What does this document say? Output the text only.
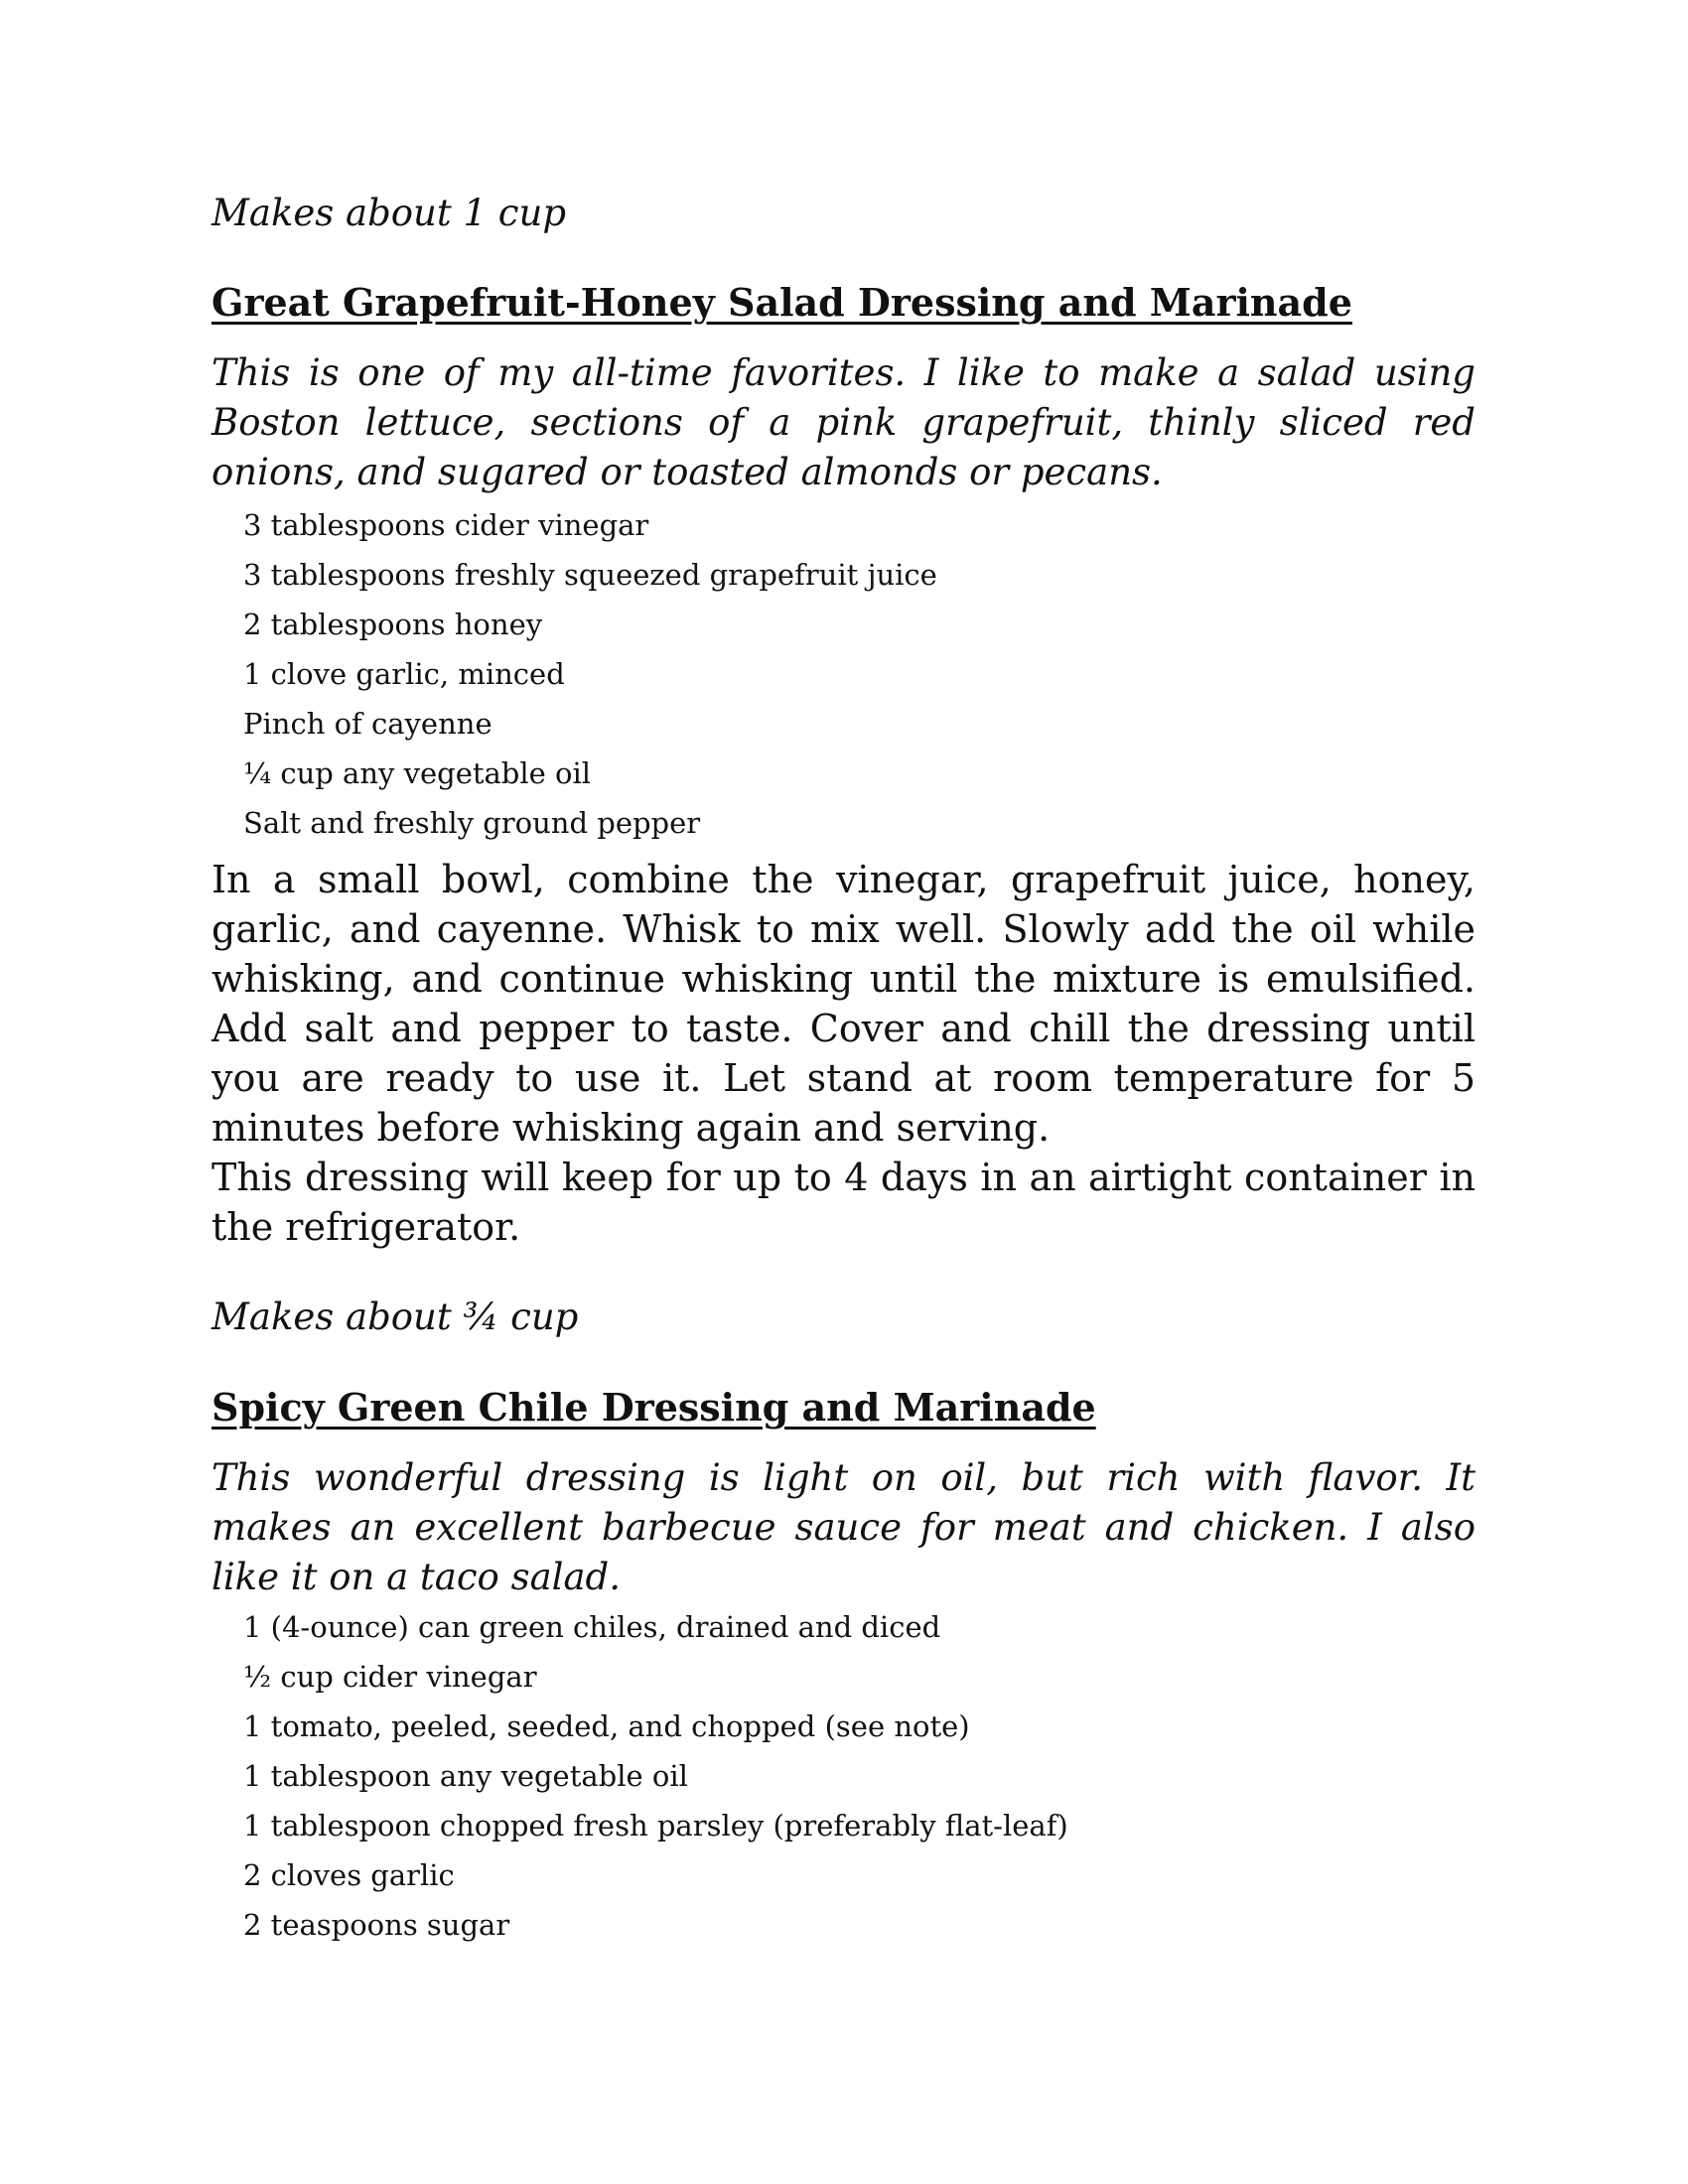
Makes about 1 cup

Great Grapefruit-Honey Salad Dressing and Marinade

This is one of my all-time favorites. I like to make a salad using Boston lettuce, sections of a pink grapefruit, thinly sliced red onions, and sugared or toasted almonds or pecans.

3 tablespoons cider vinegar
3 tablespoons freshly squeezed grapefruit juice
2 tablespoons honey
1 clove garlic, minced
Pinch of cayenne
¼ cup any vegetable oil
Salt and freshly ground pepper

In a small bowl, combine the vinegar, grapefruit juice, honey, garlic, and cayenne. Whisk to mix well. Slowly add the oil while whisking, and continue whisking until the mixture is emulsified. Add salt and pepper to taste. Cover and chill the dressing until you are ready to use it. Let stand at room temperature for 5 minutes before whisking again and serving.

This dressing will keep for up to 4 days in an airtight container in the refrigerator.

Makes about ¾ cup

Spicy Green Chile Dressing and Marinade

This wonderful dressing is light on oil, but rich with flavor. It makes an excellent barbecue sauce for meat and chicken. I also like it on a taco salad.

1 (4-ounce) can green chiles, drained and diced
½ cup cider vinegar
1 tomato, peeled, seeded, and chopped (see note)
1 tablespoon any vegetable oil
1 tablespoon chopped fresh parsley (preferably flat-leaf)
2 cloves garlic
2 teaspoons sugar
